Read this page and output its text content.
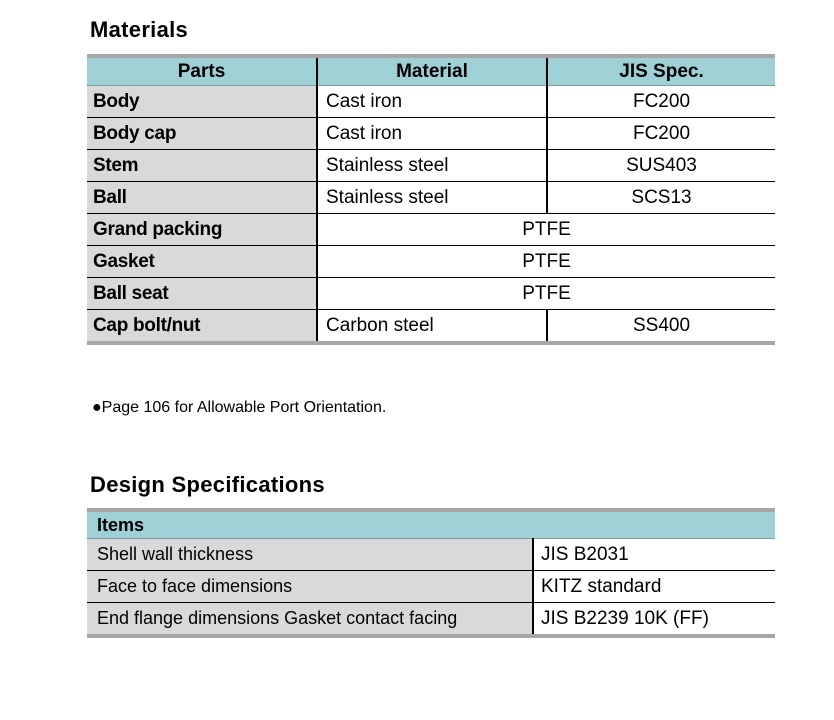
Materials
Parts	Material	JIS Spec.
Body	Cast iron	FC200
Body cap	Cast iron	FC200
Stem	Stainless steel	SUS403
Ball	Stainless steel	SCS13
Grand packing	PTFE	
Gasket	PTFE	
Ball seat	PTFE	
Cap bolt/nut	Carbon steel	SS400
●Page 106 for Allowable Port Orientation.
Design Specifications
Items	
Shell wall thickness	JIS B2031
Face to face dimensions	KITZ standard
End flange dimensions Gasket contact facing	JIS B2239 10K (FF)
